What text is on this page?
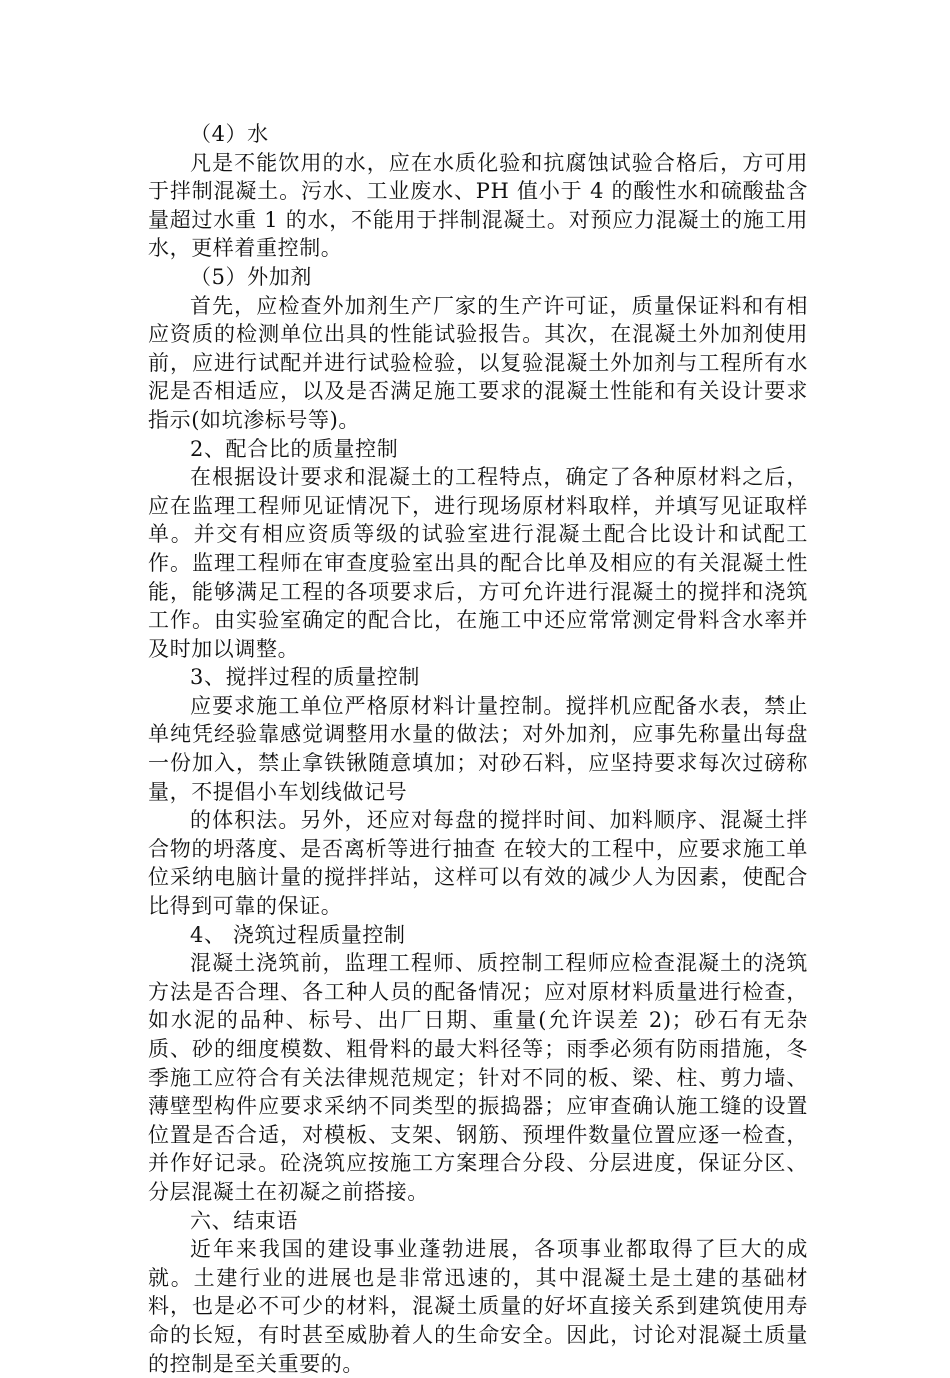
（4）水

凡是不能饮用的水，应在水质化验和抗腐蚀试验合格后，方可用于拌制混凝土。污水、工业废水、PH 值小于 4 的酸性水和硫酸盐含量超过水重 1 的水，不能用于拌制混凝土。对预应力混凝土的施工用水，更样着重控制。

（5）外加剂

首先，应检查外加剂生产厂家的生产许可证，质量保证料和有相应资质的检测单位出具的性能试验报告。其次，在混凝土外加剂使用前，应进行试配并进行试验检验，以复验混凝土外加剂与工程所有水泥是否相适应，以及是否满足施工要求的混凝土性能和有关设计要求指示(如坑渗标号等)。

2、配合比的质量控制

在根据设计要求和混凝土的工程特点，确定了各种原材料之后，应在监理工程师见证情况下，进行现场原材料取样，并填写见证取样单。并交有相应资质等级的试验室进行混凝土配合比设计和试配工作。监理工程师在审查度验室出具的配合比单及相应的有关混凝土性能，能够满足工程的各项要求后，方可允许进行混凝土的搅拌和浇筑工作。由实验室确定的配合比，在施工中还应常常测定骨料含水率并及时加以调整。

3、搅拌过程的质量控制

应要求施工单位严格原材料计量控制。搅拌机应配备水表，禁止单纯凭经验靠感觉调整用水量的做法；对外加剂，应事先称量出每盘一份加入，禁止拿铁锹随意填加；对砂石料，应坚持要求每次过磅称量，不提倡小车划线做记号

的体积法。另外，还应对每盘的搅拌时间、加料顺序、混凝土拌合物的坍落度、是否离析等进行抽查 在较大的工程中，应要求施工单位采纳电脑计量的搅拌拌站，这样可以有效的减少人为因素，使配合比得到可靠的保证。

4、 浇筑过程质量控制

混凝土浇筑前，监理工程师、质控制工程师应检查混凝土的浇筑方法是否合理、各工种人员的配备情况；应对原材料质量进行检查，如水泥的品种、标号、出厂日期、重量(允许误差 2)；砂石有无杂质、砂的细度模数、粗骨料的最大料径等；雨季必须有防雨措施，冬季施工应符合有关法律规范规定；针对不同的板、梁、柱、剪力墙、薄壁型构件应要求采纳不同类型的振捣器；应审查确认施工缝的设置位置是否合适，对模板、支架、钢筋、预埋件数量位置应逐一检查，并作好记录。砼浇筑应按施工方案理合分段、分层进度，保证分区、分层混凝土在初凝之前搭接。

六、结束语

近年来我国的建设事业蓬勃进展，各项事业都取得了巨大的成就。土建行业的进展也是非常迅速的，其中混凝土是土建的基础材料，也是必不可少的材料，混凝土质量的好坏直接关系到建筑使用寿命的长短，有时甚至威胁着人的生命安全。因此，讨论对混凝土质量的控制是至关重要的。
